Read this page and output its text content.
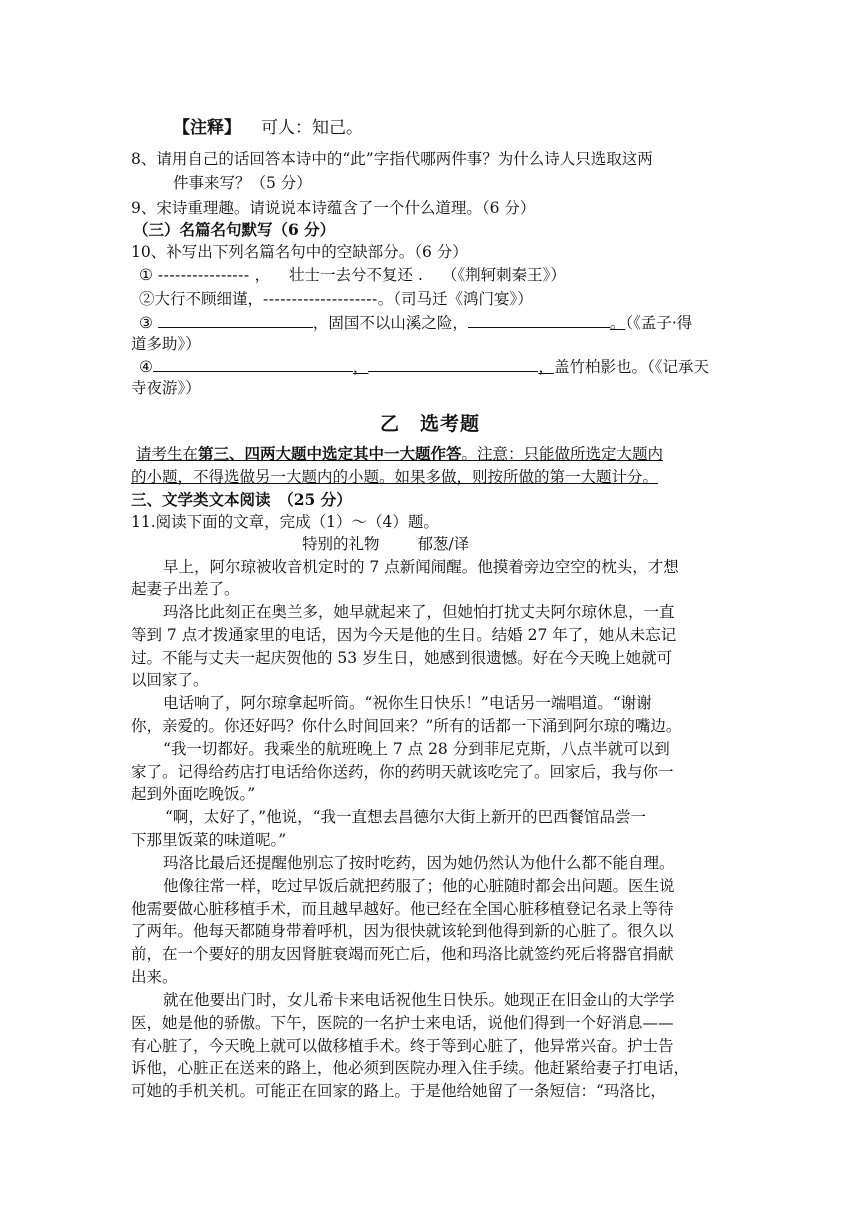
【注释】 可人：知己。
8、请用自己的话回答本诗中的“此”字指代哪两件事？为什么诗人只选取这两
件事来写？（5 分）
9、宋诗重理趣。请说说本诗蕴含了一个什么道理。（6 分）
（三）名篇名句默写（6 分）
10、补写出下列名篇名句中的空缺部分。（6 分）
① ---------------- ， 壮士一去兮不复还 . （《荆轲刺秦王》）
②大行不顾细谨，--------------------。（司马迁《鸿门宴》）
③	，固国不以山溪之险，	。（《孟子·得
道多助》）
④	，	，盖竹柏影也。（《记承天
寺夜游》）
乙　选考题
请考生在第三、四两大题中选定其中一大题作答。注意：只能做所选定大题内
的小题，不得选做另一大题内的小题。如果多做，则按所做的第一大题计分。
三、文学类文本阅读　（25 分）
11.阅读下面的文章，完成（1）～（4）题。
特别的礼物 郁葱/译
早上，阿尔琼被收音机定时的 7 点新闻闹醒。他摸着旁边空空的枕头，才想
起妻子出差了。
玛洛比此刻正在奥兰多，她早就起来了，但她怕打扰丈夫阿尔琼休息，一直
等到 7 点才拨通家里的电话，因为今天是他的生日。结婚 27 年了，她从未忘记
过。不能与丈夫一起庆贺他的 53 岁生日，她感到很遗憾。好在今天晚上她就可
以回家了。
电话响了，阿尔琼拿起听筒。“祝你生日快乐！”电话另一端唱道。“谢谢
你，亲爱的。你还好吗？你什么时间回来？”所有的话都一下涌到阿尔琼的嘴边。
“我一切都好。我乘坐的航班晚上 7 点 28 分到菲尼克斯，八点半就可以到
家了。记得给药店打电话给你送药，你的药明天就该吃完了。回家后，我与你一
起到外面吃晚饭。”
“啊，太好了，”他说，“我一直想去昌德尔大街上新开的巴西餐馆品尝一
下那里饭菜的味道呢。”
玛洛比最后还提醒他别忘了按时吃药，因为她仍然认为他什么都不能自理。
他像往常一样，吃过早饭后就把药服了；他的心脏随时都会出问题。医生说
他需要做心脏移植手术，而且越早越好。他已经在全国心脏移植登记名录上等待
了两年。他每天都随身带着呼机，因为很快就该轮到他得到新的心脏了。很久以
前，在一个要好的朋友因肾脏衰竭而死亡后，他和玛洛比就签约死后将器官捐献
出来。
就在他要出门时，女儿希卡来电话祝他生日快乐。她现正在旧金山的大学学
医，她是他的骄傲。下午，医院的一名护士来电话，说他们得到一个好消息——
有心脏了，今天晚上就可以做移植手术。终于等到心脏了，他异常兴奋。护士告
诉他，心脏正在送来的路上，他必须到医院办理入住手续。他赶紧给妻子打电话，
可她的手机关机。可能正在回家的路上。于是他给她留了一条短信：“玛洛比，
